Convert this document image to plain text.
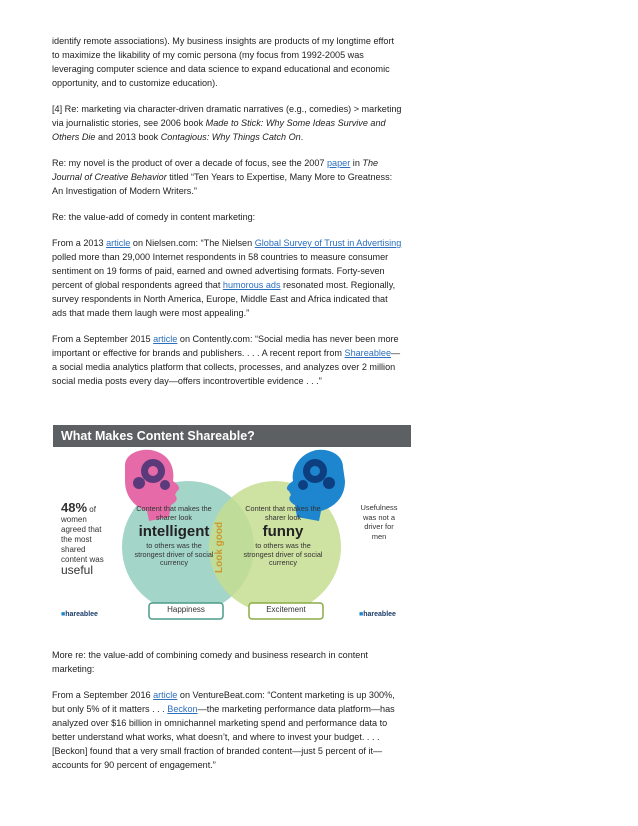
identify remote associations). My business insights are products of my longtime effort to maximize the likability of my comic persona (my focus from 1992-2005 was leveraging computer science and data science to expand educational and economic opportunity, and to customize education).

[4] Re: marketing via character-driven dramatic narratives (e.g., comedies) > marketing via journalistic stories, see 2006 book Made to Stick: Why Some Ideas Survive and Others Die and 2013 book Contagious: Why Things Catch On.

Re: my novel is the product of over a decade of focus, see the 2007 paper in The Journal of Creative Behavior titled “Ten Years to Expertise, Many More to Greatness: An Investigation of Modern Writers.”

Re: the value-add of comedy in content marketing:

From a 2013 article on Nielsen.com: “The Nielsen Global Survey of Trust in Advertising polled more than 29,000 Internet respondents in 58 countries to measure consumer sentiment on 19 forms of paid, earned and owned advertising formats. Forty-seven percent of global respondents agreed that humorous ads resonated most. Regionally, survey respondents in North America, Europe, Middle East and Africa indicated that ads that made them laugh were most appealing.”

From a September 2015 article on Contently.com: “Social media has never been more important or effective for brands and publishers. . . . A recent report from Shareablee—a social media analytics platform that collects, processes, and analyzes over 2 million social media posts every day—offers incontrovertible evidence . . .”

What Makes Content Shareable?
48% of
women
agreed that
the most
shared
content was
useful
Content that makes the sharer look
intelligent
to others was the strongest driver of social currency	Look good
Content that makes the sharer look
funny
to others was the strongest driver of social currency
Usefulness
was not a
driver for
men
Happiness	Excitement
■hareablee	■hareablee

More re: the value-add of combining comedy and business research in content marketing:

From a September 2016 article on VentureBeat.com: “Content marketing is up 300%, but only 5% of it matters . . . Beckon—the marketing performance data platform—has analyzed over $16 billion in omnichannel marketing spend and performance data to better understand what works, what doesn’t, and where to invest your budget. . . . [Beckon] found that a very small fraction of branded content—just 5 percent of it—accounts for 90 percent of engagement.”
